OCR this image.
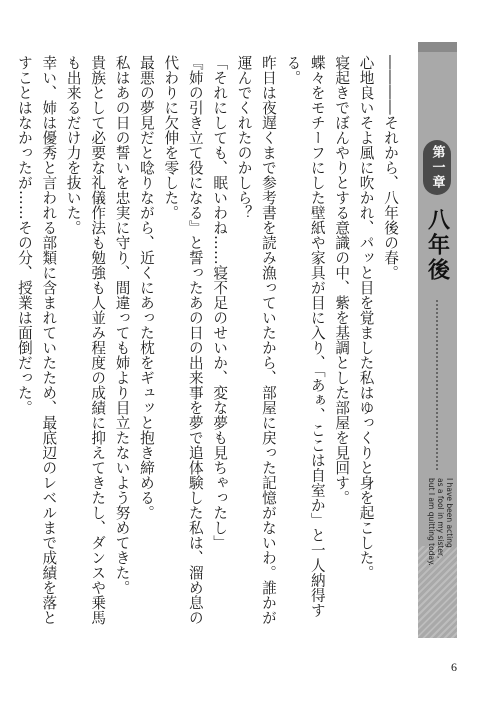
第一章
八年後
I have been acting
as a fool in my sister,
but I am quitting today.

――――それから、八年後の春。

心地良いそよ風に吹かれ、パッと目を覚ました私はゆっくりと身を起こした。

寝起きでぼんやりとする意識の中、紫を基調とした部屋を見回す。

蝶々をモチーフにした壁紙や家具が目に入り、「あぁ、ここは自室か」と一人納得する。

昨日は夜遅くまで参考書を読み漁っていたから、部屋に戻った記憶がないわ。誰かが運んでくれたのかしら？

「それにしても、眠いわね……寝不足のせいか、変な夢も見ちゃったし」

『姉の引き立て役になる』と誓ったあの日の出来事を夢で追体験した私は、溜め息の代わりに欠伸を零した。

最悪の夢見だと唸りながら、近くにあった枕をギュッと抱き締める。

私はあの日の誓いを忠実に守り、間違っても姉より目立たないよう努めてきた。

貴族として必要な礼儀作法も勉強も人並み程度の成績に抑えてきたし、ダンスや乗馬も出来るだけ力を抜いた。

幸い、姉は優秀と言われる部類に含まれていたため、最底辺のレベルまで成績を落とすことはなかったが……その分、授業は面倒だった。

6
